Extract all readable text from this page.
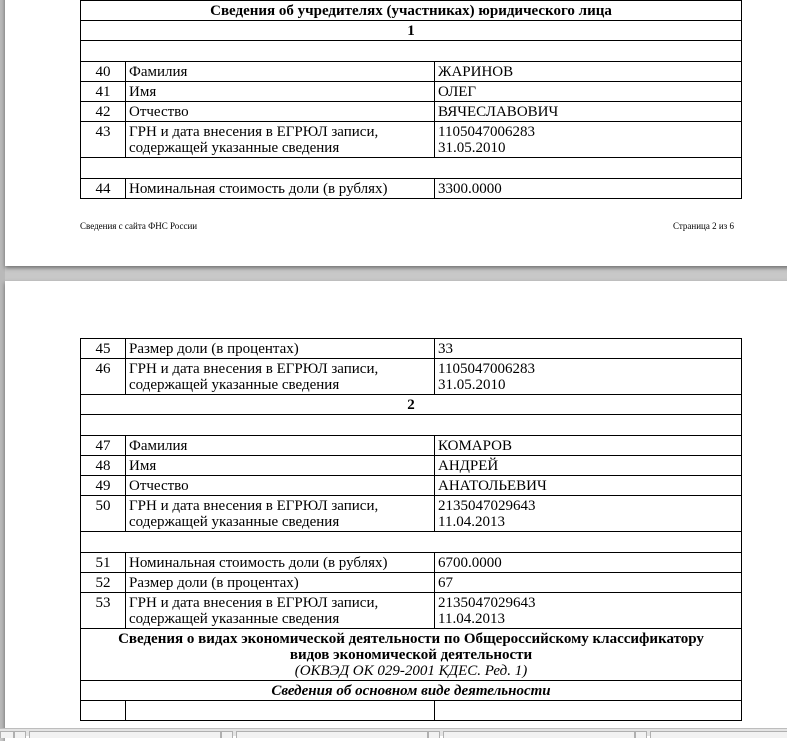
Сведения об учредителях (участниках) юридического лица		
1		

40	Фамилия	ЖАРИНОВ
41	Имя	ОЛЕГ
42	Отчество	ВЯЧЕСЛАВОВИЧ
43	ГРН и дата внесения в ЕГРЮЛ записи,
содержащей указанные сведения	1105047006283
31.05.2010

44	Номинальная стоимость доли (в рублях)	3300.0000
Сведения с сайта ФНС России	Страница 2 из 6
45	Размер доли (в процентах)	33
46	ГРН и дата внесения в ЕГРЮЛ записи,
содержащей указанные сведения	1105047006283
31.05.2010
2		

47	Фамилия	КОМАРОВ
48	Имя	АНДРЕЙ
49	Отчество	АНАТОЛЬЕВИЧ
50	ГРН и дата внесения в ЕГРЮЛ записи,
содержащей указанные сведения	2135047029643
11.04.2013

51	Номинальная стоимость доли (в рублях)	6700.0000
52	Размер доли (в процентах)	67
53	ГРН и дата внесения в ЕГРЮЛ записи,
содержащей указанные сведения	2135047029643
11.04.2013
Сведения о видах экономической деятельности по Общероссийскому классификатору
видов экономической деятельности
(ОКВЭД ОК 029-2001 КДЕС. Ред. 1)		
Сведения об основном виде деятельности		
